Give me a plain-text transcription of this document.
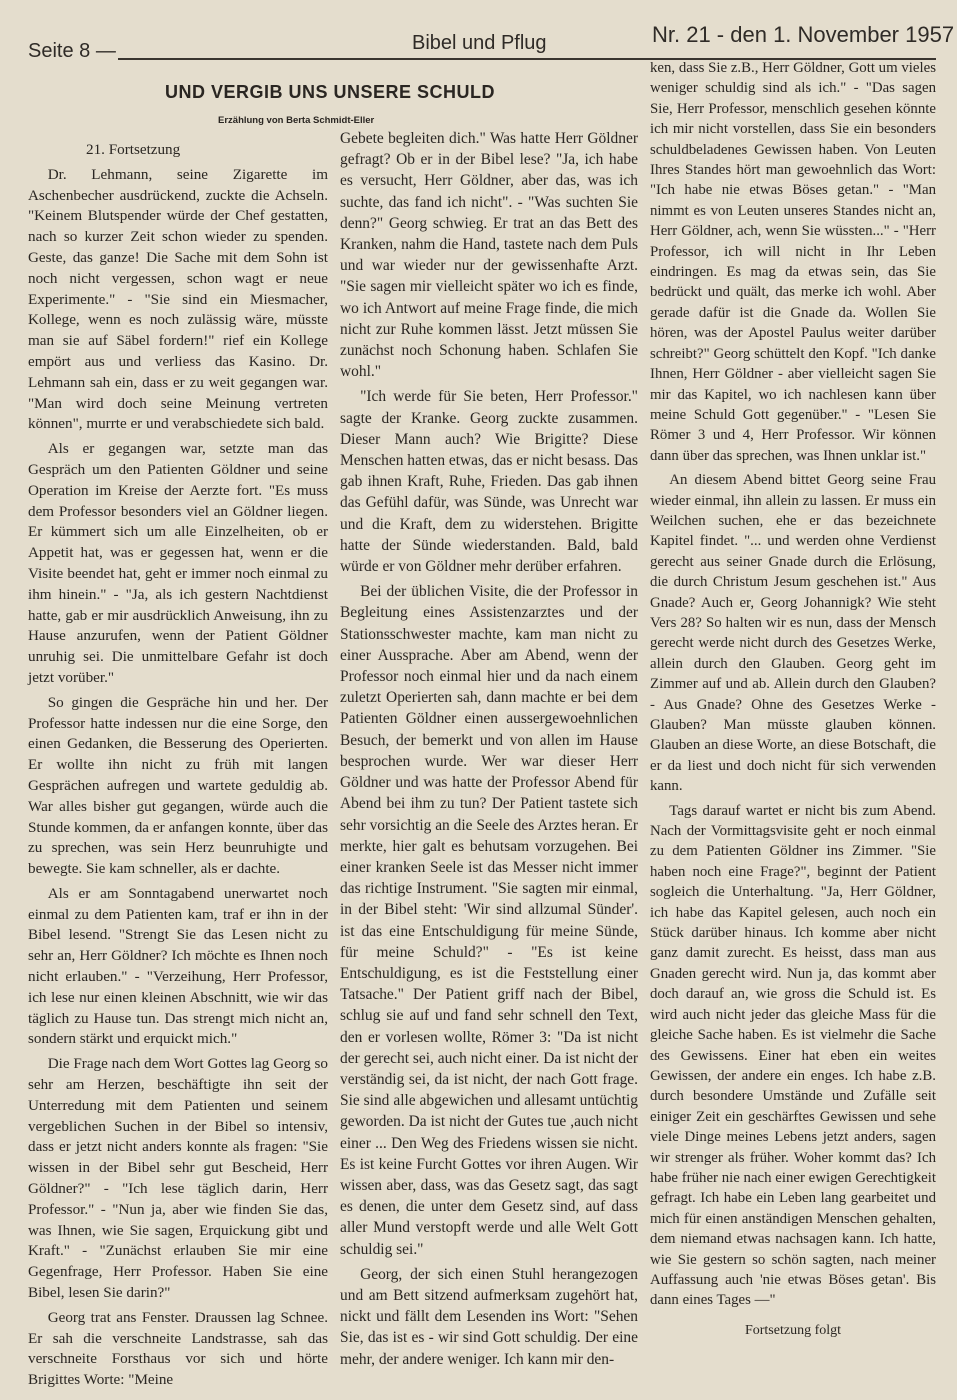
Seite 8 —	Bibel und Pflug	Nr. 21 - den 1. November 1957
UND VERGIB UNS UNSERE SCHULD
Erzählung von Berta Schmidt-Eller

21. Fortsetzung

Dr. Lehmann, seine Zigarette im Aschenbecher ausdrückend, zuckte die Achseln. "Keinem Blutspender würde der Chef gestatten, nach so kurzer Zeit schon wieder zu spenden. Geste, das ganze! Die Sache mit dem Sohn ist noch nicht vergessen, schon wagt er neue Experimente." - "Sie sind ein Miesmacher, Kollege, wenn es noch zulässig wäre, müsste man sie auf Säbel fordern!" rief ein Kollege empört aus und verliess das Kasino. Dr. Lehmann sah ein, dass er zu weit gegangen war. "Man wird doch seine Meinung vertreten können", murrte er und verabschiedete sich bald.

Als er gegangen war, setzte man das Gespräch um den Patienten Göldner und seine Operation im Kreise der Aerzte fort. "Es muss dem Professor besonders viel an Göldner liegen. Er kümmert sich um alle Einzelheiten, ob er Appetit hat, was er gegessen hat, wenn er die Visite beendet hat, geht er immer noch einmal zu ihm hinein." - "Ja, als ich gestern Nachtdienst hatte, gab er mir ausdrücklich Anweisung, ihn zu Hause anzurufen, wenn der Patient Göldner unruhig sei. Die unmittelbare Gefahr ist doch jetzt vorüber."

So gingen die Gespräche hin und her. Der Professor hatte indessen nur die eine Sorge, den einen Gedanken, die Besserung des Operierten. Er wollte ihn nicht zu früh mit langen Gesprächen aufregen und wartete geduldig ab. War alles bisher gut gegangen, würde auch die Stunde kommen, da er anfangen konnte, über das zu sprechen, was sein Herz beunruhigte und bewegte. Sie kam schneller, als er dachte.

Als er am Sonntagabend unerwartet noch einmal zu dem Patienten kam, traf er ihn in der Bibel lesend. "Strengt Sie das Lesen nicht zu sehr an, Herr Göldner? Ich möchte es Ihnen noch nicht erlauben." - "Verzeihung, Herr Professor, ich lese nur einen kleinen Abschnitt, wie wir das täglich zu Hause tun. Das strengt mich nicht an, sondern stärkt und erquickt mich."

Die Frage nach dem Wort Gottes lag Georg so sehr am Herzen, beschäftigte ihn seit der Unterredung mit dem Patienten und seinem vergeblichen Suchen in der Bibel so intensiv, dass er jetzt nicht anders konnte als fragen: "Sie wissen in der Bibel sehr gut Bescheid, Herr Göldner?" - "Ich lese täglich darin, Herr Professor." - "Nun ja, aber wie finden Sie das, was Ihnen, wie Sie sagen, Erquickung gibt und Kraft." - "Zunächst erlauben Sie mir eine Gegenfrage, Herr Professor. Haben Sie eine Bibel, lesen Sie darin?"

Georg trat ans Fenster. Draussen lag Schnee. Er sah die verschneite Landstrasse, sah das verschneite Forsthaus vor sich und hörte Brigittes Worte: "Meine

Gebete begleiten dich." Was hatte Herr Göldner gefragt? Ob er in der Bibel lese? "Ja, ich habe es versucht, Herr Göldner, aber das, was ich suchte, das fand ich nicht". - "Was suchten Sie denn?" Georg schwieg. Er trat an das Bett des Kranken, nahm die Hand, tastete nach dem Puls und war wieder nur der gewissenhafte Arzt. "Sie sagen mir vielleicht später wo ich es finde, wo ich Antwort auf meine Frage finde, die mich nicht zur Ruhe kommen lässt. Jetzt müssen Sie zunächst noch Schonung haben. Schlafen Sie wohl."

"Ich werde für Sie beten, Herr Professor." sagte der Kranke. Georg zuckte zusammen. Dieser Mann auch? Wie Brigitte? Diese Menschen hatten etwas, das er nicht besass. Das gab ihnen Kraft, Ruhe, Frieden. Das gab ihnen das Gefühl dafür, was Sünde, was Unrecht war und die Kraft, dem zu widerstehen. Brigitte hatte der Sünde wiederstanden. Bald, bald würde er von Göldner mehr derüber erfahren.

Bei der üblichen Visite, die der Professor in Begleitung eines Assistenzarztes und der Stationsschwester machte, kam man nicht zu einer Aussprache. Aber am Abend, wenn der Professor noch einmal hier und da nach einem zuletzt Operierten sah, dann machte er bei dem Patienten Göldner einen aussergewoehnlichen Besuch, der bemerkt und von allen im Hause besprochen wurde. Wer war dieser Herr Göldner und was hatte der Professor Abend für Abend bei ihm zu tun? Der Patient tastete sich sehr vorsichtig an die Seele des Arztes heran. Er merkte, hier galt es behutsam vorzugehen. Bei einer kranken Seele ist das Messer nicht immer das richtige Instrument. "Sie sagten mir einmal, in der Bibel steht: 'Wir sind allzumal Sünder'. ist das eine Entschuldigung für meine Sünde, für meine Schuld?" - "Es ist keine Entschuldigung, es ist die Feststellung einer Tatsache." Der Patient griff nach der Bibel, schlug sie auf und fand sehr schnell den Text, den er vorlesen wollte, Römer 3: "Da ist nicht der gerecht sei, auch nicht einer. Da ist nicht der verständig sei, da ist nicht, der nach Gott frage. Sie sind alle abgewichen und allesamt untüchtig geworden. Da ist nicht der Gutes tue ,auch nicht einer ... Den Weg des Friedens wissen sie nicht. Es ist keine Furcht Gottes vor ihren Augen. Wir wissen aber, dass, was das Gesetz sagt, das sagt es denen, die unter dem Gesetz sind, auf dass aller Mund verstopft werde und alle Welt Gott schuldig sei."

Georg, der sich einen Stuhl herangezogen und am Bett sitzend aufmerksam zugehört hat, nickt und fällt dem Lesenden ins Wort: "Sehen Sie, das ist es - wir sind Gott schuldig. Der eine mehr, der andere weniger. Ich kann mir den-

ken, dass Sie z.B., Herr Göldner, Gott um vieles weniger schuldig sind als ich." - "Das sagen Sie, Herr Professor, menschlich gesehen könnte ich mir nicht vorstellen, dass Sie ein besonders schuldbeladenes Gewissen haben. Von Leuten Ihres Standes hört man gewoehnlich das Wort: "Ich habe nie etwas Böses getan." - "Man nimmt es von Leuten unseres Standes nicht an, Herr Göldner, ach, wenn Sie wüssten..." - "Herr Professor, ich will nicht in Ihr Leben eindringen. Es mag da etwas sein, das Sie bedrückt und quält, das merke ich wohl. Aber gerade dafür ist die Gnade da. Wollen Sie hören, was der Apostel Paulus weiter darüber schreibt?" Georg schüttelt den Kopf. "Ich danke Ihnen, Herr Göldner - aber vielleicht sagen Sie mir das Kapitel, wo ich nachlesen kann über meine Schuld Gott gegenüber." - "Lesen Sie Römer 3 und 4, Herr Professor. Wir können dann über das sprechen, was Ihnen unklar ist."

An diesem Abend bittet Georg seine Frau wieder einmal, ihn allein zu lassen. Er muss ein Weilchen suchen, ehe er das bezeichnete Kapitel findet. "... und werden ohne Verdienst gerecht aus seiner Gnade durch die Erlösung, die durch Christum Jesum geschehen ist." Aus Gnade? Auch er, Georg Johannigk? Wie steht Vers 28? So halten wir es nun, dass der Mensch gerecht werde nicht durch des Gesetzes Werke, allein durch den Glauben. Georg geht im Zimmer auf und ab. Allein durch den Glauben? - Aus Gnade? Ohne des Gesetzes Werke - Glauben? Man müsste glauben können. Glauben an diese Worte, an diese Botschaft, die er da liest und doch nicht für sich verwenden kann.

Tags darauf wartet er nicht bis zum Abend. Nach der Vormittagsvisite geht er noch einmal zu dem Patienten Göldner ins Zimmer. "Sie haben noch eine Frage?", beginnt der Patient sogleich die Unterhaltung. "Ja, Herr Göldner, ich habe das Kapitel gelesen, auch noch ein Stück darüber hinaus. Ich komme aber nicht ganz damit zurecht. Es heisst, dass man aus Gnaden gerecht wird. Nun ja, das kommt aber doch darauf an, wie gross die Schuld ist. Es wird auch nicht jeder das gleiche Mass für die gleiche Sache haben. Es ist vielmehr die Sache des Gewissens. Einer hat eben ein weites Gewissen, der andere ein enges. Ich habe z.B. durch besondere Umstände und Zufälle seit einiger Zeit ein geschärftes Gewissen und sehe viele Dinge meines Lebens jetzt anders, sagen wir strenger als früher. Woher kommt das? Ich habe früher nie nach einer ewigen Gerechtigkeit gefragt. Ich habe ein Leben lang gearbeitet und mich für einen anständigen Menschen gehalten, dem niemand etwas nachsagen kann. Ich hatte, wie Sie gestern so schön sagten, nach meiner Auffassung auch 'nie etwas Böses getan'. Bis dann eines Tages —"

Fortsetzung folgt
